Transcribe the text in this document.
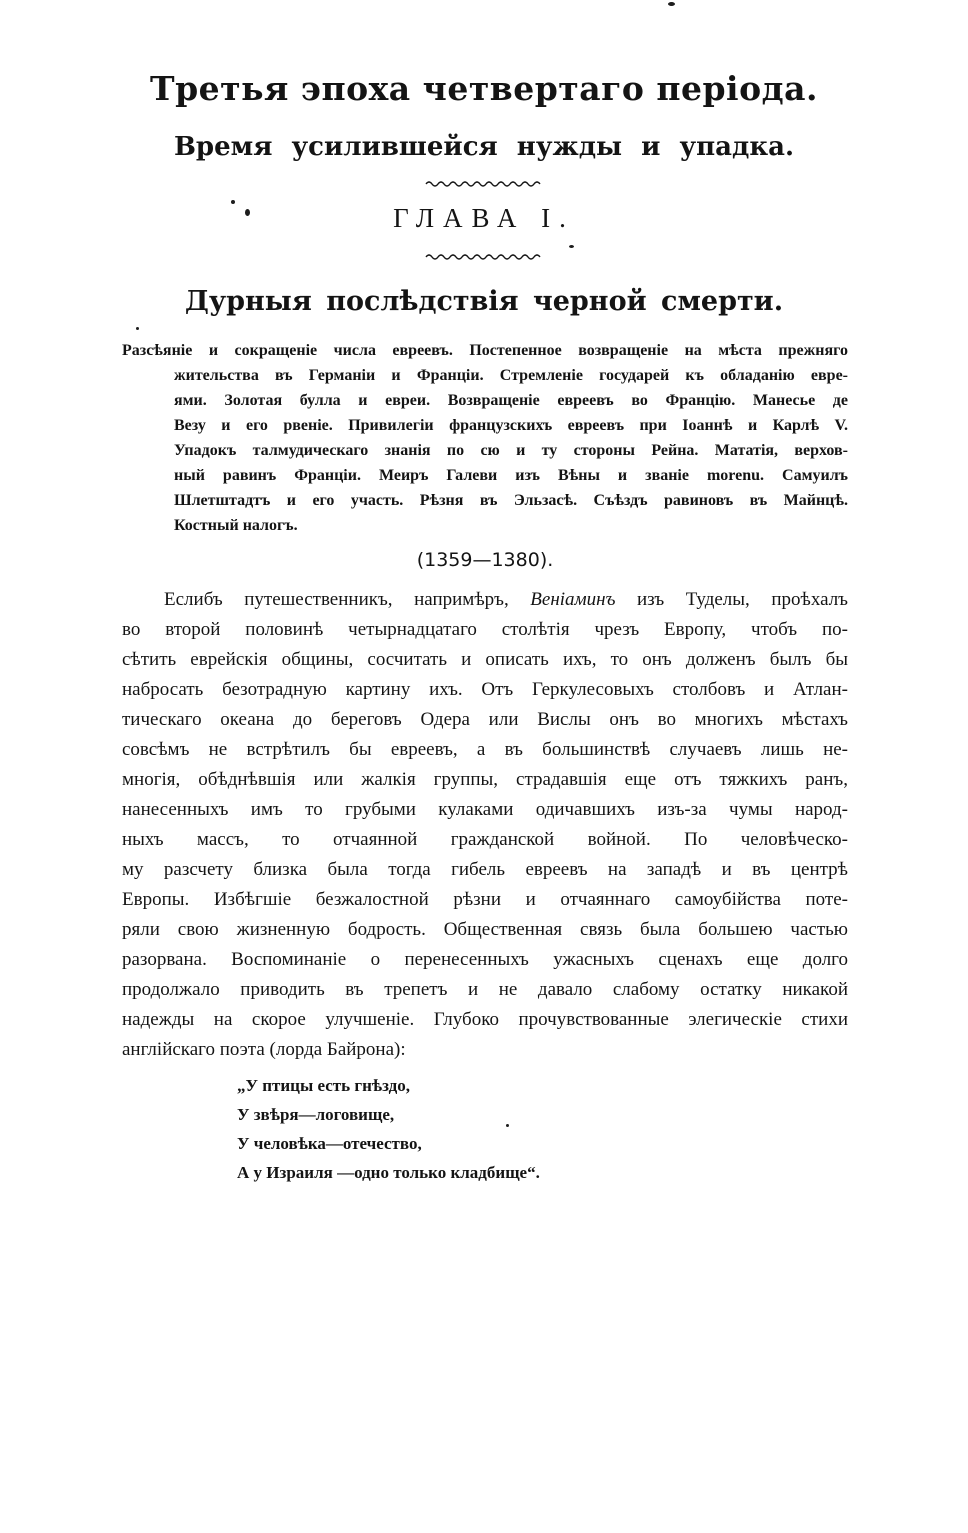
Третья эпоха четвертаго періода.
Время усилившейся нужды и упадка.
ГЛАВА I.
Дурныя послѣдствія черной смерти.
Разсѣяніе и сокращеніе числа евреевъ. Постепенное возвращеніе на мѣста прежняго
жительства въ Германіи и Франціи. Стремленіе государей къ обладанію евре-
ями. Золотая булла и евреи. Возвращеніе евреевъ во Францію. Манесье де
Везу и его рвеніе. Привилегіи французскихъ евреевъ при Іоаннѣ и Карлѣ V.
Упадокъ талмудическаго знанія по сю и ту стороны Рейна. Мататія, верхов-
ный равинъ Франціи. Меиръ Галеви изъ Вѣны и званіе morenu. Самуилъ
Шлетштадтъ и его участь. Рѣзня въ Эльзасѣ. Съѣздъ равиновъ въ Майнцѣ.
Костный налогъ.
(1359—1380).
Еслибъ путешественникъ, напримѣръ, Веніаминъ изъ Туделы, проѣхалъ
во второй половинѣ четырнадцатаго столѣтія чрезъ Европу, чтобъ по-
сѣтить еврейскія общины, сосчитать и описать ихъ, то онъ долженъ былъ бы
набросать безотрадную картину ихъ. Отъ Геркулесовыхъ столбовъ и Атлан-
тическаго океана до береговъ Одера или Вислы онъ во многихъ мѣстахъ
совсѣмъ не встрѣтилъ бы евреевъ, а въ большинствѣ случаевъ лишь не-
многія, обѣднѣвшія или жалкія группы, страдавшія еще отъ тяжкихъ ранъ,
нанесенныхъ имъ то грубыми кулаками одичавшихъ изъ-за чумы народ-
ныхъ массъ, то отчаянной гражданской войной. По человѣческо-
му разсчету близка была тогда гибель евреевъ на западѣ и въ центрѣ
Европы. Избѣгшіе безжалостной рѣзни и отчаяннаго самоубійства поте-
ряли свою жизненную бодрость. Общественная связь была большею частью
разорвана. Воспоминаніе о перенесенныхъ ужасныхъ сценахъ еще долго
продолжало приводить въ трепетъ и не давало слабому остатку никакой
надежды на скорое улучшеніе. Глубоко прочувствованные элегическіе стихи
англійскаго поэта (лорда Байрона):
„У птицы есть гнѣздо,
У звѣря—логовище,
У человѣка—отечество,
А у Израиля —одно только кладбище“.
